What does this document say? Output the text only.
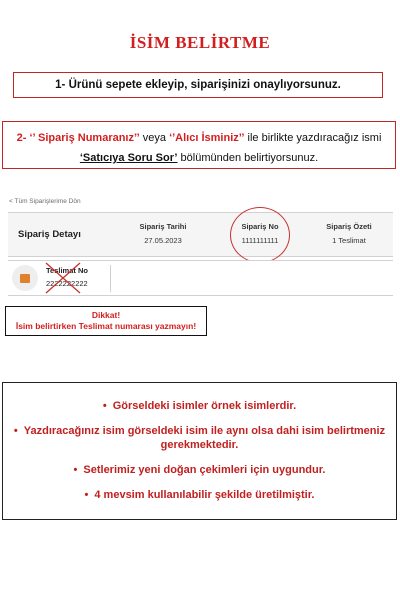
İSİM BELİRTME
1- Ürünü sepete ekleyip, siparişinizi onaylıyorsunuz.
2- ‘’ Sipariş Numaranız’’ veya ‘’Alıcı İsminiz’’ ile birlikte yazdıracağız ismi
‘Satıcıya Soru Sor’ bölümünden belirtiyorsunuz.
< Tüm Siparişlerime Dön
Sipariş Detayı
Sipariş Tarihi
27.05.2023
Sipariş No
1111111111
Sipariş Özeti
1 Teslimat
Teslimat No
2222222222
Dikkat!
İsim belirtirken Teslimat numarası yazmayın!
• Görseldeki isimler örnek isimlerdir.
• Yazdıracağınız isim görseldeki isim ile aynı olsa dahi isim belirtmeniz gerekmektedir.
• Setlerimiz yeni doğan çekimleri için uygundur.
• 4 mevsim kullanılabilir şekilde üretilmiştir.
